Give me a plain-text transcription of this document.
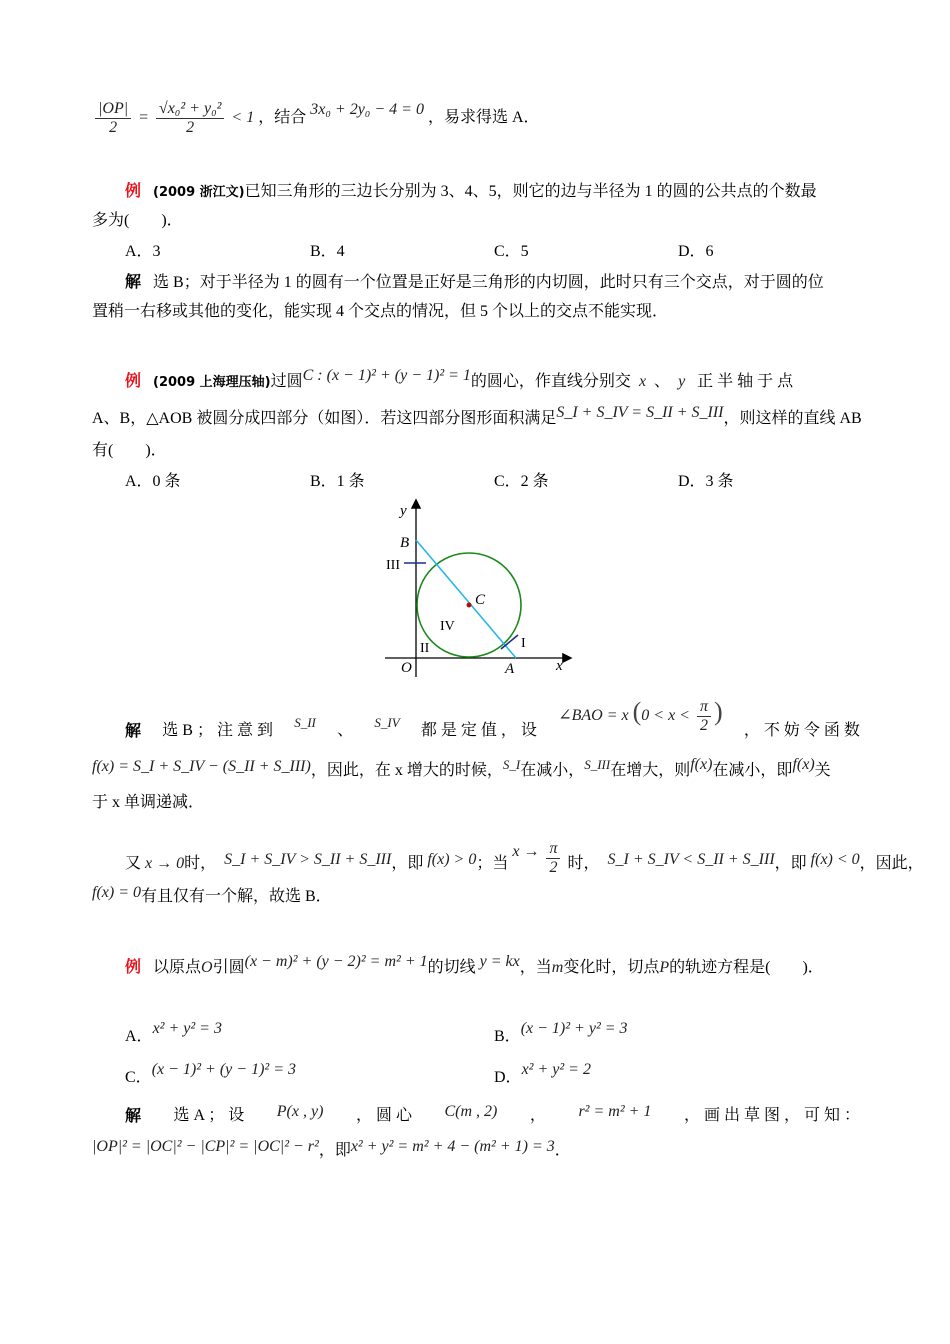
$\frac{|OP|}{2} = \frac{\text{√x₀² + y₀²}}{2} < 1$ ，结合 3x₀ + 2y₀ − 4 = 0 ，易求得选 A．
例 (2009 浙江文)已知三角形的三边长分别为 3、4、5，则它的边与半径为 1 的圆的公共点的个数最
多为(　　)．
A．3	B．4	C．5	D．6
解 选 B；对于半径为 1 的圆有一个位置是正好是三角形的内切圆，此时只有三个交点，对于圆的位
置稍一右移或其他的变化，能实现 4 个交点的情况，但 5 个以上的交点不能实现．
例 (2009 上海理压轴)过圆C : (x − 1)² + (y − 1)² = 1的圆心，作直线分别交 x 、 y 正 半 轴 于 点
A、B，△AOB 被圆分成四部分（如图）．若这四部分图形面积满足S_I + S_IV = S_II + S_III，则这样的直线 AB
有(　　)．
A．0 条	B．1 条	C．2 条	D．3 条
y
x
O	A
B
C
I
II
III
IV
解 选 B ； 注 意 到 S_II 、 S_IV 都 是 定 值 ， 设
∠BAO = x ($0 < x < \frac{\pi}{2}$ )
， 不 妨 令 函 数
f(x) = S_I + S_IV − (S_II + S_III)，因此，在 x 增大的时候，$^{S\_I}$在减小，$^{S\_III}$在增大，则f(x)在减小，即f(x)关
于 x 单调递减．
又 x → 0时， S_I + S_IV > S_II + S_III，即 f(x) > 0；当 $x \to \frac{\pi}{2}$ 时， S_I + S_IV < S_II + S_III，即 f(x) < 0，因此，
f(x) = 0有且仅有一个解，故选 B．
例 以原点O引圆(x − m)² + (y − 2)² = m² + 1的切线 y = kx，当m变化时，切点P的轨迹方程是(　　)．
A．x² + y² = 3	B．(x − 1)² + y² = 3
C．(x − 1)² + (y − 1)² = 3	D．x² + y² = 2
解 选 A ； 设 P(x , y) ， 圆 心 C(m , 2) ， r² = m² + 1 ， 画 出 草 图 ， 可 知 ：
|OP|² = |OC|² − |CP|² = |OC|² − r²，即x² + y² = m² + 4 − (m² + 1) = 3．
